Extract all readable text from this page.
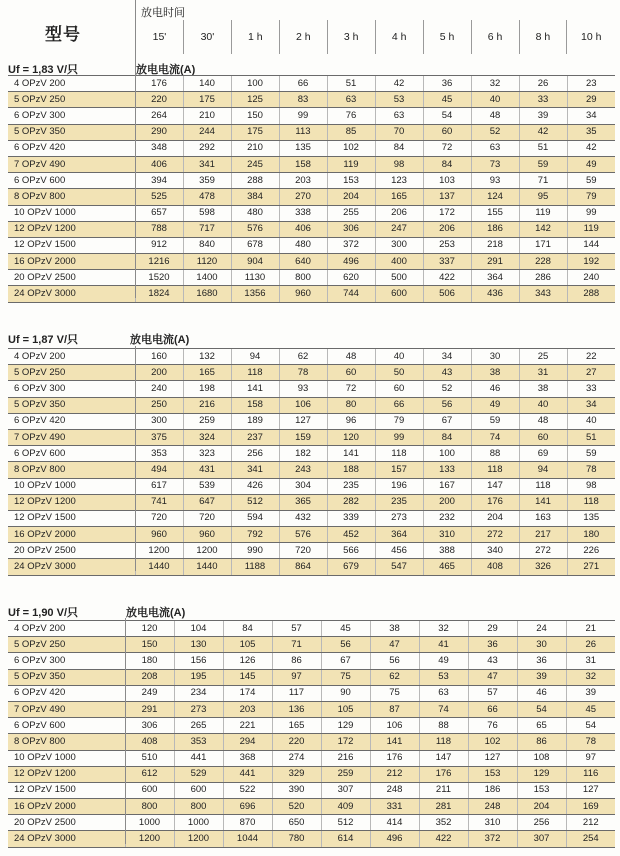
型号
放电时间
15'	30'	1 h	2 h	3 h	4 h	5 h	6 h	8 h	10 h
Uf = 1,83 V/只	放电电流(A)
4 OPzV 200	176	140	100	66	51	42	36	32	26	23
5 OPzV 250	220	175	125	83	63	53	45	40	33	29
6 OPzV 300	264	210	150	99	76	63	54	48	39	34
5 OPzV 350	290	244	175	113	85	70	60	52	42	35
6 OPzV 420	348	292	210	135	102	84	72	63	51	42
7 OPzV 490	406	341	245	158	119	98	84	73	59	49
6 OPzV 600	394	359	288	203	153	123	103	93	71	59
8 OPzV 800	525	478	384	270	204	165	137	124	95	79
10 OPzV 1000	657	598	480	338	255	206	172	155	119	99
12 OPzV 1200	788	717	576	406	306	247	206	186	142	119
12 OPzV 1500	912	840	678	480	372	300	253	218	171	144
16 OPzV 2000	1216	1120	904	640	496	400	337	291	228	192
20 OPzV 2500	1520	1400	1130	800	620	500	422	364	286	240
24 OPzV 3000	1824	1680	1356	960	744	600	506	436	343	288
Uf = 1,87 V/只	放电电流(A)
4 OPzV 200	160	132	94	62	48	40	34	30	25	22
5 OPzV 250	200	165	118	78	60	50	43	38	31	27
6 OPzV 300	240	198	141	93	72	60	52	46	38	33
5 OPzV 350	250	216	158	106	80	66	56	49	40	34
6 OPzV 420	300	259	189	127	96	79	67	59	48	40
7 OPzV 490	375	324	237	159	120	99	84	74	60	51
6 OPzV 600	353	323	256	182	141	118	100	88	69	59
8 OPzV 800	494	431	341	243	188	157	133	118	94	78
10 OPzV 1000	617	539	426	304	235	196	167	147	118	98
12 OPzV 1200	741	647	512	365	282	235	200	176	141	118
12 OPzV 1500	720	720	594	432	339	273	232	204	163	135
16 OPzV 2000	960	960	792	576	452	364	310	272	217	180
20 OPzV 2500	1200	1200	990	720	566	456	388	340	272	226
24 OPzV 3000	1440	1440	1188	864	679	547	465	408	326	271
Uf = 1,90 V/只	放电电流(A)
4 OPzV 200	120	104	84	57	45	38	32	29	24	21
5 OPzV 250	150	130	105	71	56	47	41	36	30	26
6 OPzV 300	180	156	126	86	67	56	49	43	36	31
5 OPzV 350	208	195	145	97	75	62	53	47	39	32
6 OPzV 420	249	234	174	117	90	75	63	57	46	39
7 OPzV 490	291	273	203	136	105	87	74	66	54	45
6 OPzV 600	306	265	221	165	129	106	88	76	65	54
8 OPzV 800	408	353	294	220	172	141	118	102	86	78
10 OPzV 1000	510	441	368	274	216	176	147	127	108	97
12 OPzV 1200	612	529	441	329	259	212	176	153	129	116
12 OPzV 1500	600	600	522	390	307	248	211	186	153	127
16 OPzV 2000	800	800	696	520	409	331	281	248	204	169
20 OPzV 2500	1000	1000	870	650	512	414	352	310	256	212
24 OPzV 3000	1200	1200	1044	780	614	496	422	372	307	254
